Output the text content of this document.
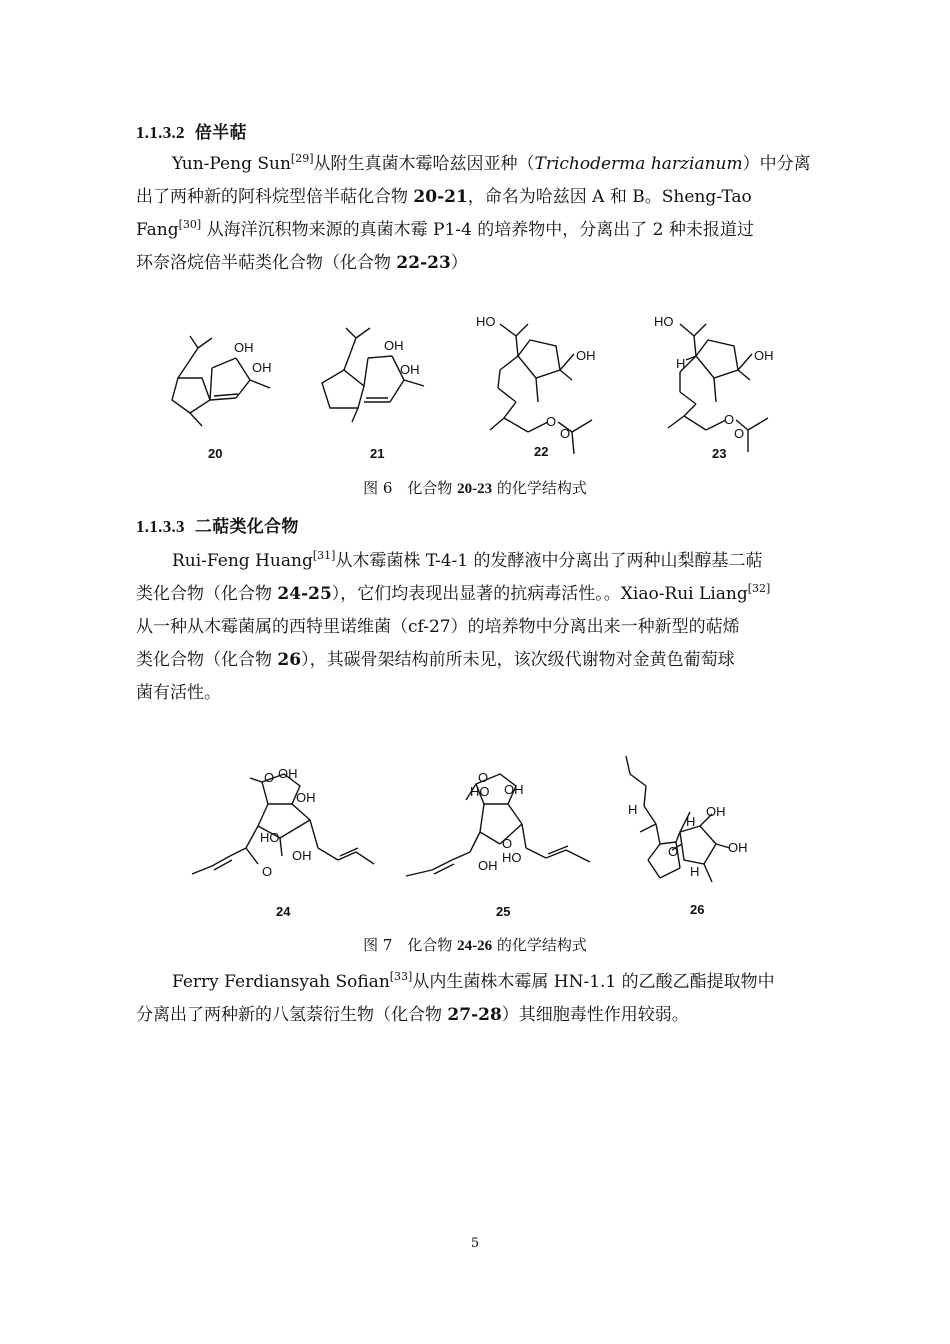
1.1.3.2 倍半萜
Yun-Peng Sun[29]从附生真菌木霉哈兹因亚种（Trichoderma harzianum）中分离
出了两种新的阿科烷型倍半萜化合物 20-21，命名为哈兹因 A 和 B。Sheng-Tao
Fang[30] 从海洋沉积物来源的真菌木霉 P1-4 的培养物中，分离出了 2 种未报道过
环奈洛烷倍半萜类化合物（化合物 22-23）
OH
OH
20
OH
OH
21
HO
OH
O
O
22
HO
H
OH
O
O
23
图 6　化合物 20-23 的化学结构式
1.1.3.3 二萜类化合物
Rui-Feng Huang[31]从木霉菌株 T-4-1 的发酵液中分离出了两种山梨醇基二萜
类化合物（化合物 24-25），它们均表现出显著的抗病毒活性。。Xiao-Rui Liang[32]
从一种从木霉菌属的西特里诺维菌（cf-27）的培养物中分离出来一种新型的萜烯
类化合物（化合物 26），其碳骨架结构前所未见，该次级代谢物对金黄色葡萄球
菌有活性。
O OH
OH
HO
OH
O
24
O
HO OH
O
HO
OH
25
H
H
OH
OH
O
H
26
图 7　化合物 24-26 的化学结构式
Ferry Ferdiansyah Sofian[33]从内生菌株木霉属 HN-1.1 的乙酸乙酯提取物中
分离出了两种新的八氢萘衍生物（化合物 27-28）其细胞毒性作用较弱。
5
